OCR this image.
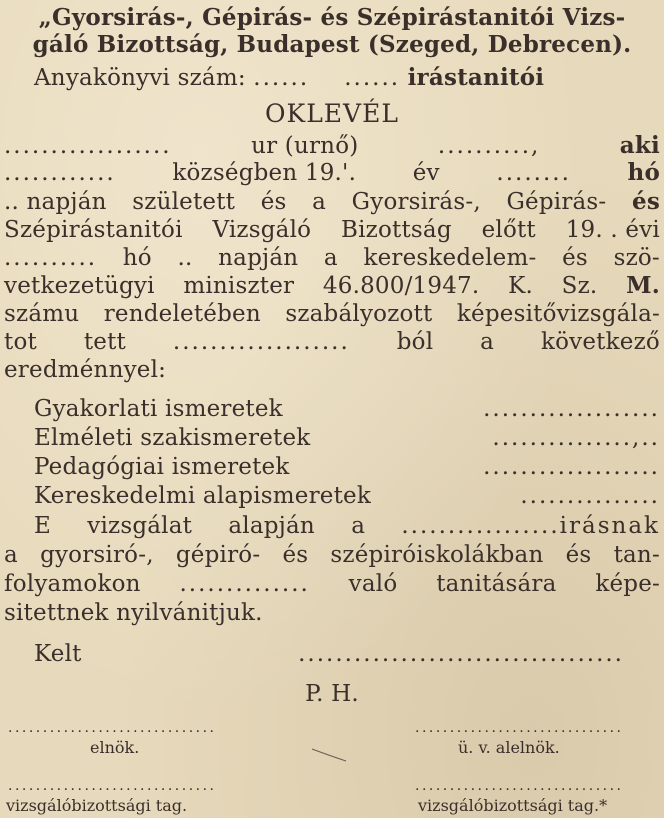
„Gyorsirás-, Gépirás- és Szépirástanitói Vizs-
gáló Bizottság, Budapest (Szeged, Debrecen).
Anyakönyvi szám: ...... ...... irástanitói
OKLEVÉL
..................	ur (urnő)	..........,	aki
............ községben 19.'. év ........ hó
.. napján született és a Gyorsirás-, Gépirás- és
Szépirástanitói Vizsgáló Bizottság előtt 19. . évi
.......... hó .. napján a kereskedelem- és szö-
vetkezetügyi miniszter 46.800/1947. K. Sz. M.
számu rendeletében szabályozott képesitővizsgála-
tot tett ................... ból a következő
eredménnyel:
Gyakorlati ismeretek	...................
Elméleti szakismeretek	...............,..
Pedagógiai ismeretek	...................
Kereskedelmi alapismeretek	...............
E vizsgálat alapján a .................irásnak
a gyorsiró-, gépiró- és szépiróiskolákban és tan-
folyamokon .............. való tanitására képe-
sitettnek nyilvánitjuk.
Kelt	...................................
P. H.
..............................	..............................
elnök.	ü. v. alelnök.
..............................	..............................
vizsgálóbizottsági tag.	vizsgálóbizottsági tag.*
